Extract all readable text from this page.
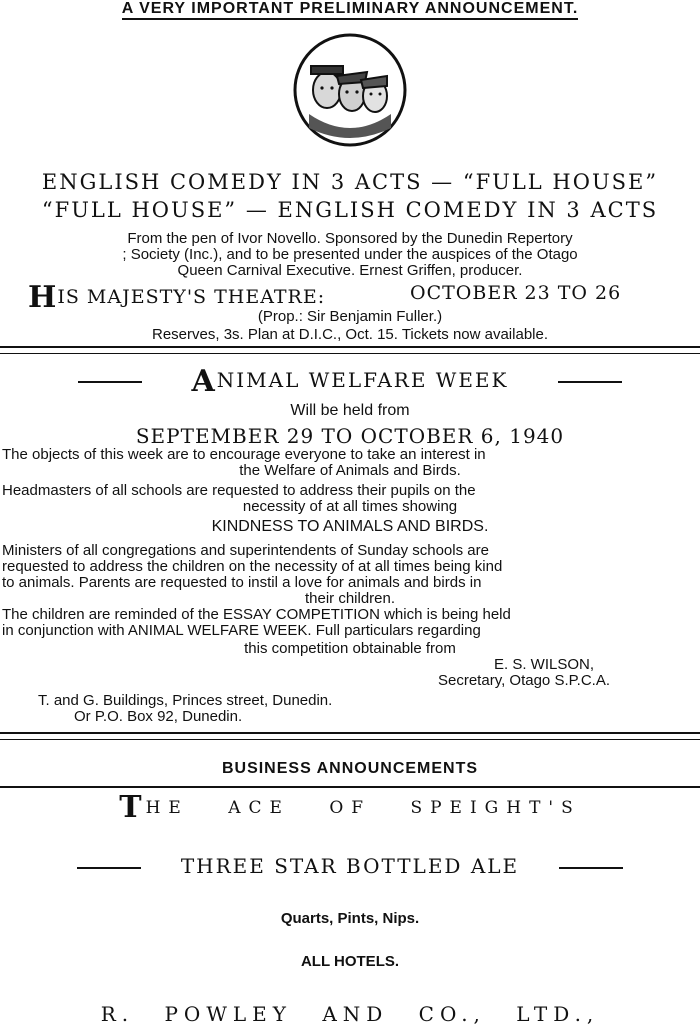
A VERY IMPORTANT PRELIMINARY ANNOUNCEMENT.
ENGLISH COMEDY IN 3 ACTS — “FULL HOUSE”
“FULL HOUSE” — ENGLISH COMEDY IN 3 ACTS
From the pen of Ivor Novello. Sponsored by the Dunedin Repertory
; Society (Inc.), and to be presented under the auspices of the Otago
Queen Carnival Executive. Ernest Griffen, producer.
HIS MAJESTY'S THEATRE:	OCTOBER 23 TO 26
(Prop.: Sir Benjamin Fuller.)
Reserves, 3s. Plan at D.I.C., Oct. 15. Tickets now available.
ANIMAL WELFARE WEEK
Will be held from
SEPTEMBER 29 TO OCTOBER 6, 1940
The objects of this week are to encourage everyone to take an interest in
the Welfare of Animals and Birds.
Headmasters of all schools are requested to address their pupils on the
necessity of at all times showing
KINDNESS TO ANIMALS AND BIRDS.
Ministers of all congregations and superintendents of Sunday schools are
requested to address the children on the necessity of at all times being kind
to animals. Parents are requested to instil a love for animals and birds in
their children.
The children are reminded of the ESSAY COMPETITION which is being held
in conjunction with ANIMAL WELFARE WEEK. Full particulars regarding
this competition obtainable from
E. S. WILSON,
Secretary, Otago S.P.C.A.
T. and G. Buildings, Princes street, Dunedin.
Or P.O. Box 92, Dunedin.
BUSINESS ANNOUNCEMENTS
THE ACE OF SPEIGHT'S
THREE STAR BOTTLED ALE
Quarts, Pints, Nips.
ALL HOTELS.
R. POWLEY AND CO., LTD.,
